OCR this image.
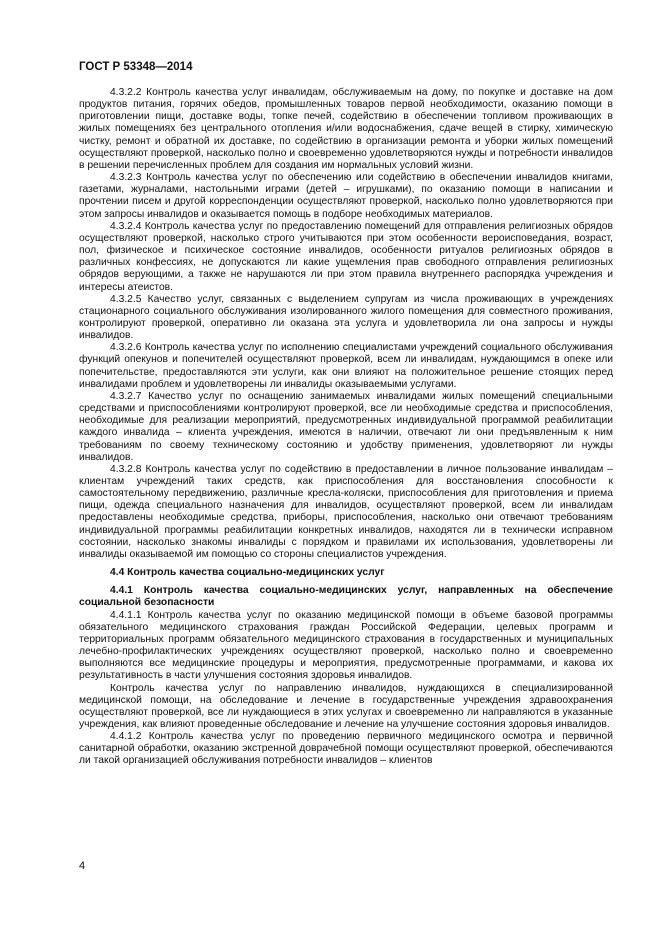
ГОСТ Р 53348—2014

4.3.2.2 Контроль качества услуг инвалидам, обслуживаемым на дому, по покупке и доставке на дом продуктов питания, горячих обедов, промышленных товаров первой необходимости, оказанию помощи в приготовлении пищи, доставке воды, топке печей, содействию в обеспечении топливом проживающих в жилых помещениях без центрального отопления и/или водоснабжения, сдаче вещей в стирку, химическую чистку, ремонт и обратной их доставке, по содействию в организации ремонта и уборки жилых помещений осуществляют проверкой, насколько полно и своевременно удовлетворяются нужды и потребности инвалидов в решении перечисленных проблем для создания им нормальных условий жизни.

4.3.2.3 Контроль качества услуг по обеспечению или содействию в обеспечении инвалидов книгами, газетами, журналами, настольными играми (детей – игрушками), по оказанию помощи в написании и прочтении писем и другой корреспонденции осуществляют проверкой, насколько полно удовлетворяются при этом запросы инвалидов и оказывается помощь в подборе необходимых материалов.

4.3.2.4 Контроль качества услуг по предоставлению помещений для отправления религиозных обрядов осуществляют проверкой, насколько строго учитываются при этом особенности вероисповедания, возраст, пол, физическое и психическое состояние инвалидов, особенности ритуалов религиозных обрядов в различных конфессиях, не допускаются ли какие ущемления прав свободного отправления религиозных обрядов верующими, а также не нарушаются ли при этом правила внутреннего распорядка учреждения и интересы атеистов.

4.3.2.5 Качество услуг, связанных с выделением супругам из числа проживающих в учреждениях стационарного социального обслуживания изолированного жилого помещения для совместного проживания, контролируют проверкой, оперативно ли оказана эта услуга и удовлетворила ли она запросы и нужды инвалидов.

4.3.2.6 Контроль качества услуг по исполнению специалистами учреждений социального обслуживания функций опекунов и попечителей осуществляют проверкой, всем ли инвалидам, нуждающимся в опеке или попечительстве, предоставляются эти услуги, как они влияют на положительное решение стоящих перед инвалидами проблем и удовлетворены ли инвалиды оказываемыми услугами.

4.3.2.7 Качество услуг по оснащению занимаемых инвалидами жилых помещений специальными средствами и приспособлениями контролируют проверкой, все ли необходимые средства и приспособления, необходимые для реализации мероприятий, предусмотренных индивидуальной программой реабилитации каждого инвалида – клиента учреждения, имеются в наличии, отвечают ли они предъявленным к ним требованиям по своему техническому состоянию и удобству применения, удовлетворяют ли нужды инвалидов.

4.3.2.8 Контроль качества услуг по содействию в предоставлении в личное пользование инвалидам – клиентам учреждений таких средств, как приспособления для восстановления способности к самостоятельному передвижению, различные кресла-коляски, приспособления для приготовления и приема пищи, одежда специального назначения для инвалидов, осуществляют проверкой, всем ли инвалидам предоставлены необходимые средства, приборы, приспособления, насколько они отвечают требованиям индивидуальной программы реабилитации конкретных инвалидов, находятся ли в технически исправном состоянии, насколько знакомы инвалиды с порядком и правилами их использования, удовлетворены ли инвалиды оказываемой им помощью со стороны специалистов учреждения.

4.4 Контроль качества социально-медицинских услуг

4.4.1 Контроль качества социально-медицинских услуг, направленных на обеспечение социальной безопасности

4.4.1.1 Контроль качества услуг по оказанию медицинской помощи в объеме базовой программы обязательного медицинского страхования граждан Российской Федерации, целевых программ и территориальных программ обязательного медицинского страхования в государственных и муниципальных лечебно-профилактических учреждениях осуществляют проверкой, насколько полно и своевременно выполняются все медицинские процедуры и мероприятия, предусмотренные программами, и какова их результативность в части улучшения состояния здоровья инвалидов.

Контроль качества услуг по направлению инвалидов, нуждающихся в специализированной медицинской помощи, на обследование и лечение в государственные учреждения здравоохранения осуществляют проверкой, все ли нуждающиеся в этих услугах и своевременно ли направляются в указанные учреждения, как влияют проведенные обследование и лечение на улучшение состояния здоровья инвалидов.

4.4.1.2 Контроль качества услуг по проведению первичного медицинского осмотра и первичной санитарной обработки, оказанию экстренной доврачебной помощи осуществляют проверкой, обеспечиваются ли такой организацией обслуживания потребности инвалидов – клиентов

4
